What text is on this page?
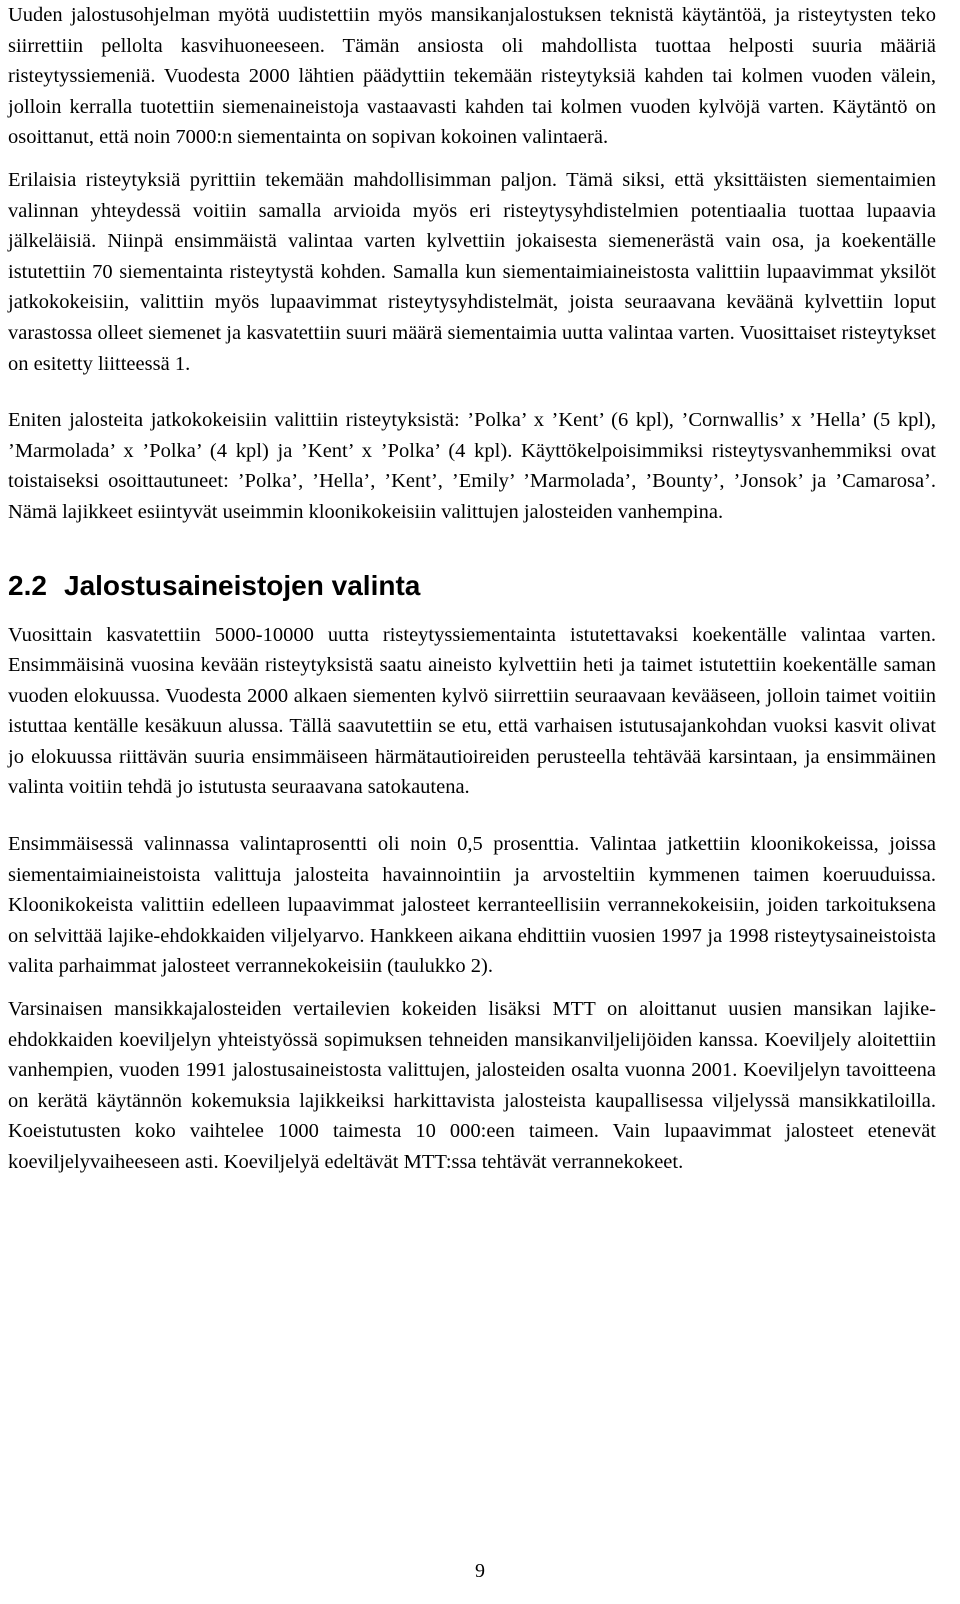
Uuden jalostusohjelman myötä uudistettiin myös mansikanjalostuksen teknistä käytäntöä, ja risteytysten teko siirrettiin pellolta kasvihuoneeseen. Tämän ansiosta oli mahdollista tuottaa helposti suuria määriä risteytyssiemeniä. Vuodesta 2000 lähtien päädyttiin tekemään risteytyksiä kahden tai kolmen vuoden välein, jolloin kerralla tuotettiin siemenaineistoja vastaavasti kahden tai kolmen vuoden kylvöjä varten. Käytäntö on osoittanut, että noin 7000:n siementainta on sopivan kokoinen valintaerä.

Erilaisia risteytyksiä pyrittiin tekemään mahdollisimman paljon. Tämä siksi, että yksittäisten siementaimien valinnan yhteydessä voitiin samalla arvioida myös eri risteytysyhdistelmien potentiaalia tuottaa lupaavia jälkeläisiä. Niinpä ensimmäistä valintaa varten kylvettiin jokaisesta siemenerästä vain osa, ja koekentälle istutettiin 70 siementainta risteytystä kohden. Samalla kun siementaimiaineistosta valittiin lupaavimmat yksilöt jatkokokeisiin, valittiin myös lupaavimmat risteytysyhdistelmät, joista seuraavana keväänä kylvettiin loput varastossa olleet siemenet ja kasvatettiin suuri määrä siementaimia uutta valintaa varten. Vuosittaiset risteytykset on esitetty liitteessä 1.

Eniten jalosteita jatkokokeisiin valittiin risteytyksistä: ’Polka’ x ’Kent’ (6 kpl), ’Cornwallis’ x ’Hella’ (5 kpl), ’Marmolada’ x ’Polka’ (4 kpl) ja ’Kent’ x ’Polka’ (4 kpl). Käyttökelpoisimmiksi risteytysvanhemmiksi ovat toistaiseksi osoittautuneet: ’Polka’, ’Hella’, ’Kent’, ’Emily’ ’Marmolada’, ’Bounty’, ’Jonsok’ ja ’Camarosa’. Nämä lajikkeet esiintyvät useimmin kloonikokeisiin valittujen jalosteiden vanhempina.

2.2 Jalostusaineistojen valinta

Vuosittain kasvatettiin 5000-10000 uutta risteytyssiementainta istutettavaksi koekentälle valintaa varten. Ensimmäisinä vuosina kevään risteytyksistä saatu aineisto kylvettiin heti ja taimet istutettiin koekentälle saman vuoden elokuussa. Vuodesta 2000 alkaen siementen kylvö siirrettiin seuraavaan kevääseen, jolloin taimet voitiin istuttaa kentälle kesäkuun alussa. Tällä saavutettiin se etu, että varhaisen istutusajankohdan vuoksi kasvit olivat jo elokuussa riittävän suuria ensimmäiseen härmätautioireiden perusteella tehtävää karsintaan, ja ensimmäinen valinta voitiin tehdä jo istutusta seuraavana satokautena.

Ensimmäisessä valinnassa valintaprosentti oli noin 0,5 prosenttia. Valintaa jatkettiin kloonikokeissa, joissa siementaimiaineistoista valittuja jalosteita havainnointiin ja arvosteltiin kymmenen taimen koeruuduissa. Kloonikokeista valittiin edelleen lupaavimmat jalosteet kerranteellisiin verrannekokeisiin, joiden tarkoituksena on selvittää lajike-ehdokkaiden viljelyarvo. Hankkeen aikana ehdittiin vuosien 1997 ja 1998 risteytysaineistoista valita parhaimmat jalosteet verrannekokeisiin (taulukko 2).

Varsinaisen mansikkajalosteiden vertailevien kokeiden lisäksi MTT on aloittanut uusien mansikan lajike-ehdokkaiden koeviljelyn yhteistyössä sopimuksen tehneiden mansikanviljelijöiden kanssa. Koeviljely aloitettiin vanhempien, vuoden 1991 jalostusaineistosta valittujen, jalosteiden osalta vuonna 2001. Koeviljelyn tavoitteena on kerätä käytännön kokemuksia lajikkeiksi harkittavista jalosteista kaupallisessa viljelyssä mansikkatiloilla. Koeistutusten koko vaihtelee 1000 taimesta 10 000:een taimeen. Vain lupaavimmat jalosteet etenevät koeviljelyvaiheeseen asti. Koeviljelyä edeltävät MTT:ssa tehtävät verrannekokeet.

9
